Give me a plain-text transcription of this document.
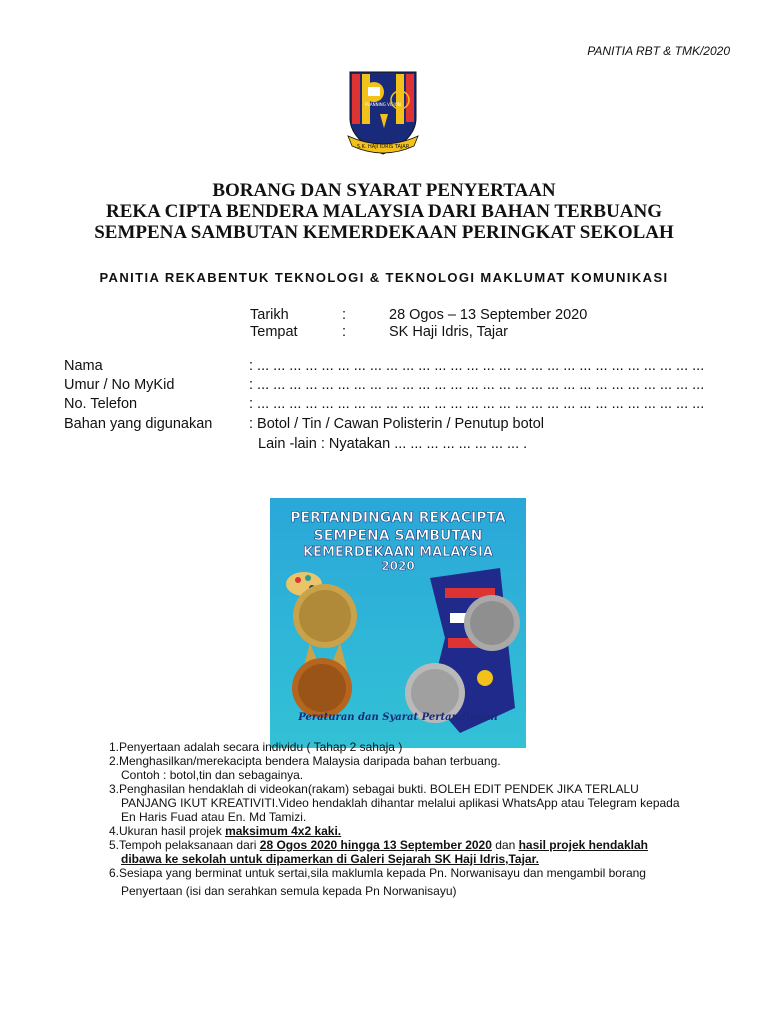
PANITIA RBT & TMK/2020
PLANNING VISION
S.K. HAJI IDRIS TAJAR
BORANG DAN SYARAT PENYERTAAN
REKA CIPTA BENDERA MALAYSIA DARI BAHAN TERBUANG
SEMPENA SAMBUTAN KEMERDEKAAN PERINGKAT SEKOLAH
PANITIA REKABENTUK TEKNOLOGI & TEKNOLOGI MAKLUMAT KOMUNIKASI
Tarikh	:	28 Ogos – 13 September 2020
Tempat	:	SK Haji Idris, Tajar
Nama	: ... ... ... ... ... ... ... ... ... ... ... ... ... ... ... ... ... ... ... ... ... ... ... ... ... ... ... ...
Umur / No MyKid	: ... ... ... ... ... ... ... ... ... ... ... ... ... ... ... ... ... ... ... ... ... ... ... ... ... ... ... ...
No. Telefon	: ... ... ... ... ... ... ... ... ... ... ... ... ... ... ... ... ... ... ... ... ... ... ... ... ... ... ... ...
Bahan yang digunakan	: Botol / Tin / Cawan Polisterin / Penutup botol
Lain -lain : Nyatakan ... ... ... ... ... ... ... ... .
PERTANDINGAN REKACIPTA
SEMPENA SAMBUTAN
KEMERDEKAAN MALAYSIA
2020
Peraturan dan Syarat Pertandingan
1.Penyertaan adalah secara individu ( Tahap 2 sahaja )
2.Menghasilkan/merekacipta bendera Malaysia daripada bahan terbuang.
Contoh : botol,tin dan sebagainya.
3.Penghasilan hendaklah di videokan(rakam) sebagai bukti. BOLEH EDIT PENDEK JIKA TERLALU
PANJANG IKUT KREATIVITI.Video hendaklah dihantar melalui aplikasi WhatsApp atau Telegram kepada
En Haris Fuad atau En. Md Tamizi.
4.Ukuran hasil projek maksimum 4x2 kaki.
5.Tempoh pelaksanaan dari 28 Ogos 2020 hingga 13 September 2020 dan hasil projek hendaklah
dibawa ke sekolah untuk dipamerkan di Galeri Sejarah SK Haji Idris,Tajar.
6.Sesiapa yang berminat untuk sertai,sila maklumla kepada Pn. Norwanisayu dan mengambil borang
Penyertaan (isi dan serahkan semula kepada Pn Norwanisayu)
